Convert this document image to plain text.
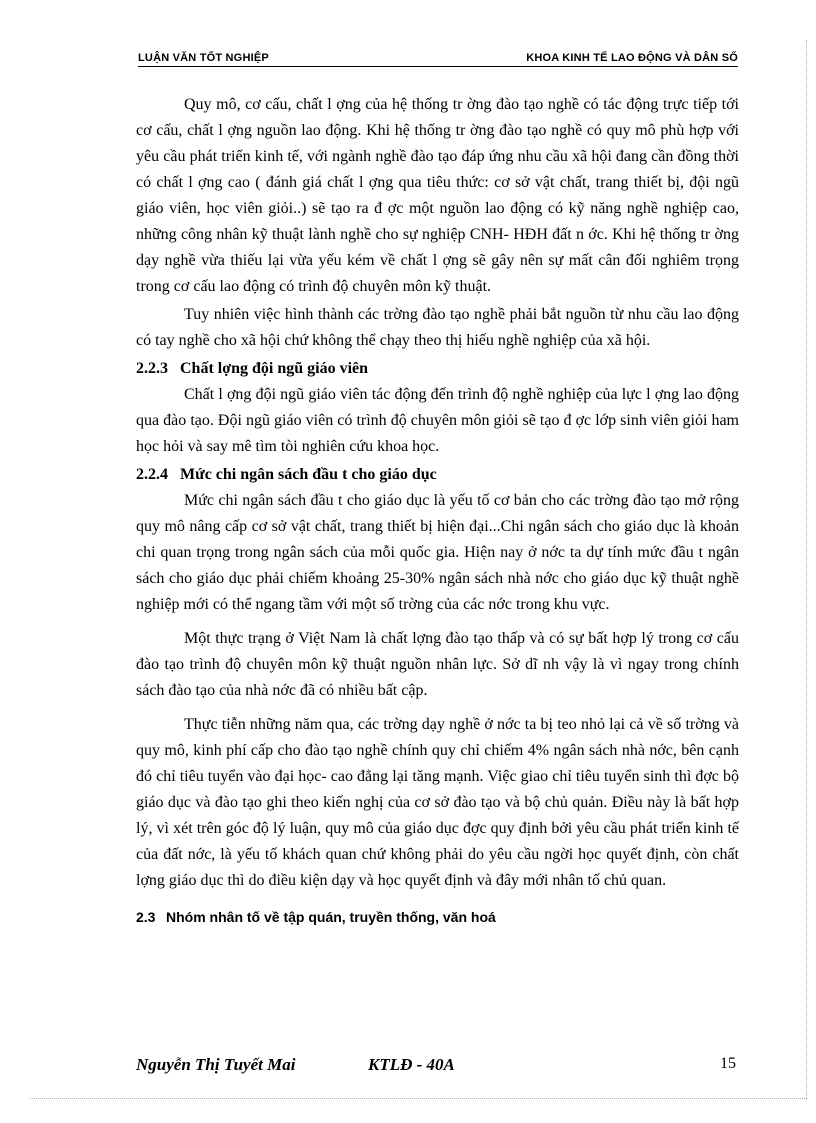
LUẬN VĂN TỐT NGHIỆP	KHOA KINH TẾ LAO ĐỘNG VÀ DÂN SỐ

Quy mô, cơ cấu, chất l ợng của hệ thống tr ờng đào tạo nghề có tác động trực tiếp tới cơ cấu, chất l ợng nguồn lao động. Khi hệ thống tr ờng đào tạo nghề có quy mô phù hợp với yêu cầu phát triển kinh tế, với ngành nghề đào tạo đáp ứng nhu cầu xã hội đang cần đồng thời có chất l ợng cao ( đánh giá chất l ợng qua tiêu thức: cơ sở vật chất, trang thiết bị, đội ngũ giáo viên, học viên giỏi..) sẽ tạo ra đ ợc một nguồn lao động có kỹ năng nghề nghiệp cao, những công nhân kỹ thuật lành nghề cho sự nghiệp CNH- HĐH đất n ớc. Khi hệ thống tr ờng dạy nghề vừa thiếu lại vừa yếu kém về chất l ợng sẽ gây nên sự mất cân đối nghiêm trọng trong cơ cấu lao động có trình độ chuyên môn kỹ thuật.

Tuy nhiên việc hình thành các trờng đào tạo nghề phải bắt nguồn từ nhu cầu lao động có tay nghề cho xã hội chứ không thể chạy theo thị hiếu nghề nghiệp của xã hội.

2.2.3 Chất lợng đội ngũ giáo viên

Chất l ợng đội ngũ giáo viên tác động đến trình độ nghề nghiệp của lực l ợng lao động qua đào tạo. Đội ngũ giáo viên có trình độ chuyên môn giỏi sẽ tạo đ ợc lớp sinh viên giỏi ham học hỏi và say mê tìm tòi nghiên cứu khoa học.

2.2.4 Mức chi ngân sách đầu t cho giáo dục

Mức chi ngân sách đầu t cho giáo dục là yếu tố cơ bản cho các trờng đào tạo mở rộng quy mô nâng cấp cơ sở vật chất, trang thiết bị hiện đại...Chi ngân sách cho giáo dục là khoản chi quan trọng trong ngân sách của mỗi quốc gia. Hiện nay ở nớc ta dự tính mức đầu t ngân sách cho giáo dục phải chiếm khoảng 25-30% ngân sách nhà nớc cho giáo dục kỹ thuật nghề nghiệp mới có thể ngang tầm với một số trờng của các nớc trong khu vực.

Một thực trạng ở Việt Nam là chất lợng đào tạo thấp và có sự bất hợp lý trong cơ cấu đào tạo trình độ chuyên môn kỹ thuật nguồn nhân lực. Sở dĩ nh vậy là vì ngay trong chính sách đào tạo của nhà nớc đã có nhiều bất cập.

Thực tiễn những năm qua, các trờng dạy nghề ở nớc ta bị teo nhỏ lại cả về số trờng và quy mô, kinh phí cấp cho đào tạo nghề chính quy chỉ chiếm 4% ngân sách nhà nớc, bên cạnh đó chỉ tiêu tuyển vào đại học- cao đẳng lại tăng mạnh. Việc giao chỉ tiêu tuyển sinh thì đợc bộ giáo dục và đào tạo ghi theo kiến nghị của cơ sở đào tạo và bộ chủ quản. Điều này là bất hợp lý, vì xét trên góc độ lý luận, quy mô của giáo dục đợc quy định bởi yêu cầu phát triển kinh tế của đất nớc, là yếu tố khách quan chứ không phải do yêu cầu ngời học quyết định, còn chất lợng giáo dục thì do điều kiện dạy và học quyết định và đây mới nhân tố chủ quan.

2.3 Nhóm nhân tố về tập quán, truyền thống, văn hoá
Nguyễn Thị Tuyết Mai	KTLĐ - 40A	15
